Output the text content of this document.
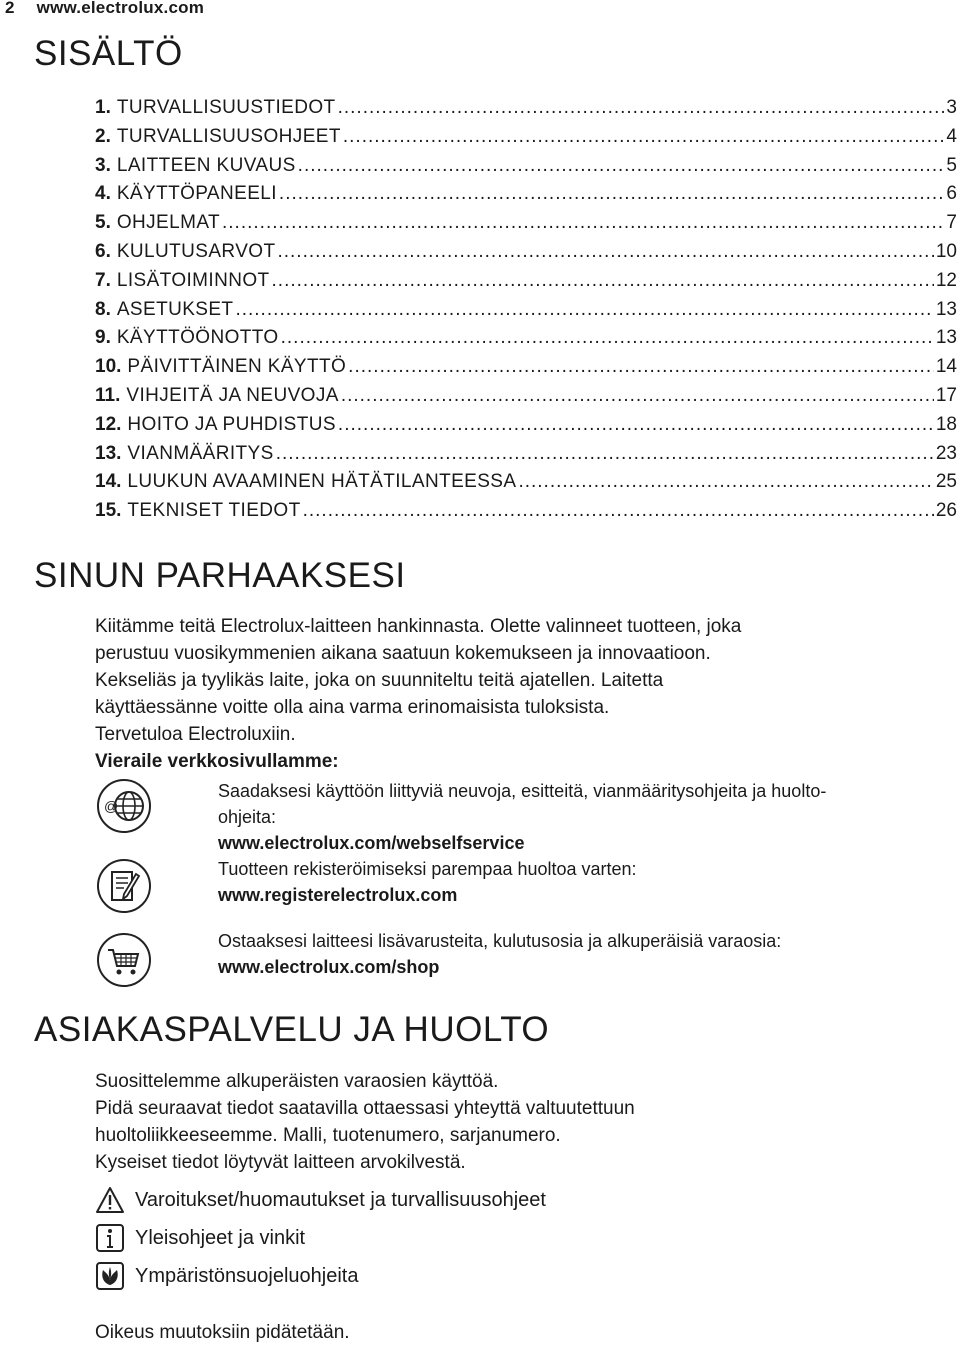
2 www.electrolux.com
SISÄLTÖ
1. TURVALLISUUSTIEDOT .....	3
2. TURVALLISUUSOHJEET .....	4
3. LAITTEEN KUVAUS .....	5
4. KÄYTTÖPANEELI .....	6
5. OHJELMAT .....	7
6. KULUTUSARVOT .....	10
7. LISÄTOIMINNOT .....	12
8. ASETUKSET .....	13
9. KÄYTTÖÖNOTTO .....	13
10. PÄIVITTÄINEN KÄYTTÖ .....	14
11. VIHJEITÄ JA NEUVOJA .....	17
12. HOITO JA PUHDISTUS .....	18
13. VIANMÄÄRITYS .....	23
14. LUUKUN AVAAMINEN HÄTÄTILANTEESSA .....	25
15. TEKNISET TIEDOT .....	26
SINUN PARHAAKSESI
Kiitämme teitä Electrolux-laitteen hankinnasta. Olette valinneet tuotteen, joka
perustuu vuosikymmenien aikana saatuun kokemukseen ja innovaatioon.
Kekseliäs ja tyylikäs laite, joka on suunniteltu teitä ajatellen. Laitetta
käyttäessänne voitte olla aina varma erinomaisista tuloksista.
Tervetuloa Electroluxiin.
Vieraile verkkosivullamme:
@
Saadaksesi käyttöön liittyviä neuvoja, esitteitä, vianmääritysohjeita ja huolto-
ohjeita:
www.electrolux.com/webselfservice
Tuotteen rekisteröimiseksi parempaa huoltoa varten:
www.registerelectrolux.com
Ostaaksesi laitteesi lisävarusteita, kulutusosia ja alkuperäisiä varaosia:
www.electrolux.com/shop
ASIAKASPALVELU JA HUOLTO
Suosittelemme alkuperäisten varaosien käyttöä.
Pidä seuraavat tiedot saatavilla ottaessasi yhteyttä valtuutettuun
huoltoliikkeeseemme. Malli, tuotenumero, sarjanumero.
Kyseiset tiedot löytyvät laitteen arvokilvestä.
Varoitukset/huomautukset ja turvallisuusohjeet
Yleisohjeet ja vinkit
Ympäristönsuojeluohjeita
Oikeus muutoksiin pidätetään.
